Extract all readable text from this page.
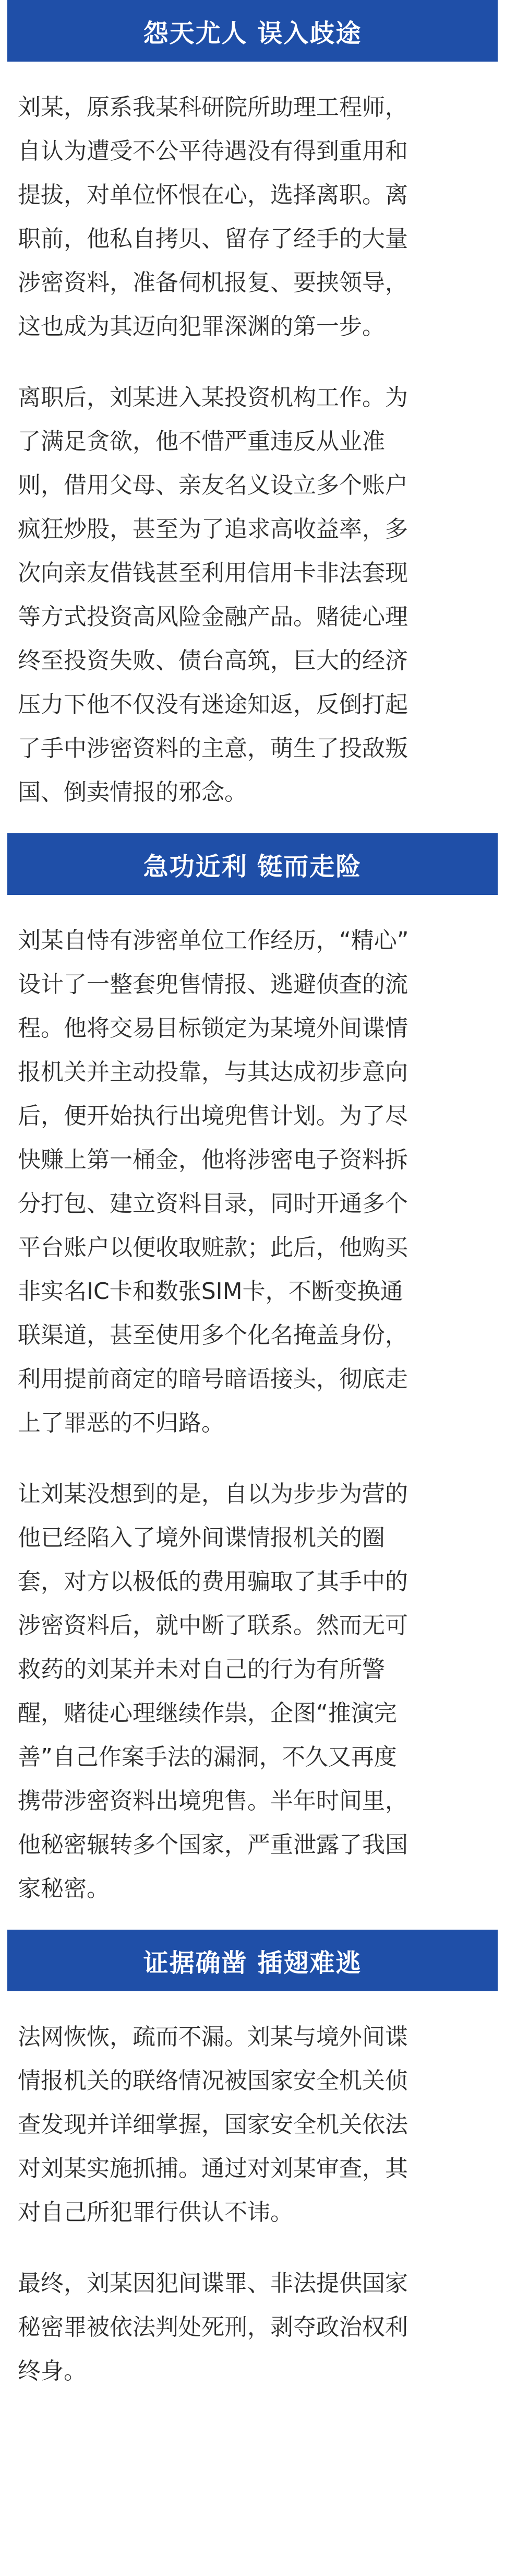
怨天尤人 误入歧途

刘某，原系我某科研院所助理工程师，
自认为遭受不公平待遇没有得到重用和
提拔，对单位怀恨在心，选择离职。离
职前，他私自拷贝、留存了经手的大量
涉密资料，准备伺机报复、要挟领导，
这也成为其迈向犯罪深渊的第一步。

离职后，刘某进入某投资机构工作。为
了满足贪欲，他不惜严重违反从业准
则，借用父母、亲友名义设立多个账户
疯狂炒股，甚至为了追求高收益率，多
次向亲友借钱甚至利用信用卡非法套现
等方式投资高风险金融产品。赌徒心理
终至投资失败、债台高筑，巨大的经济
压力下他不仅没有迷途知返，反倒打起
了手中涉密资料的主意，萌生了投敌叛
国、倒卖情报的邪念。

急功近利 铤而走险

刘某自恃有涉密单位工作经历，“精心”
设计了一整套兜售情报、逃避侦查的流
程。他将交易目标锁定为某境外间谍情
报机关并主动投靠，与其达成初步意向
后，便开始执行出境兜售计划。为了尽
快赚上第一桶金，他将涉密电子资料拆
分打包、建立资料目录，同时开通多个
平台账户以便收取赃款；此后，他购买
非实名IC卡和数张SIM卡，不断变换通
联渠道，甚至使用多个化名掩盖身份，
利用提前商定的暗号暗语接头，彻底走
上了罪恶的不归路。

让刘某没想到的是，自以为步步为营的
他已经陷入了境外间谍情报机关的圈
套，对方以极低的费用骗取了其手中的
涉密资料后，就中断了联系。然而无可
救药的刘某并未对自己的行为有所警
醒，赌徒心理继续作祟，企图“推演完
善”自己作案手法的漏洞，不久又再度
携带涉密资料出境兜售。半年时间里，
他秘密辗转多个国家，严重泄露了我国
家秘密。

证据确凿 插翅难逃

法网恢恢，疏而不漏。刘某与境外间谍
情报机关的联络情况被国家安全机关侦
查发现并详细掌握，国家安全机关依法
对刘某实施抓捕。通过对刘某审查，其
对自己所犯罪行供认不讳。

最终，刘某因犯间谍罪、非法提供国家
秘密罪被依法判处死刑，剥夺政治权利
终身。
